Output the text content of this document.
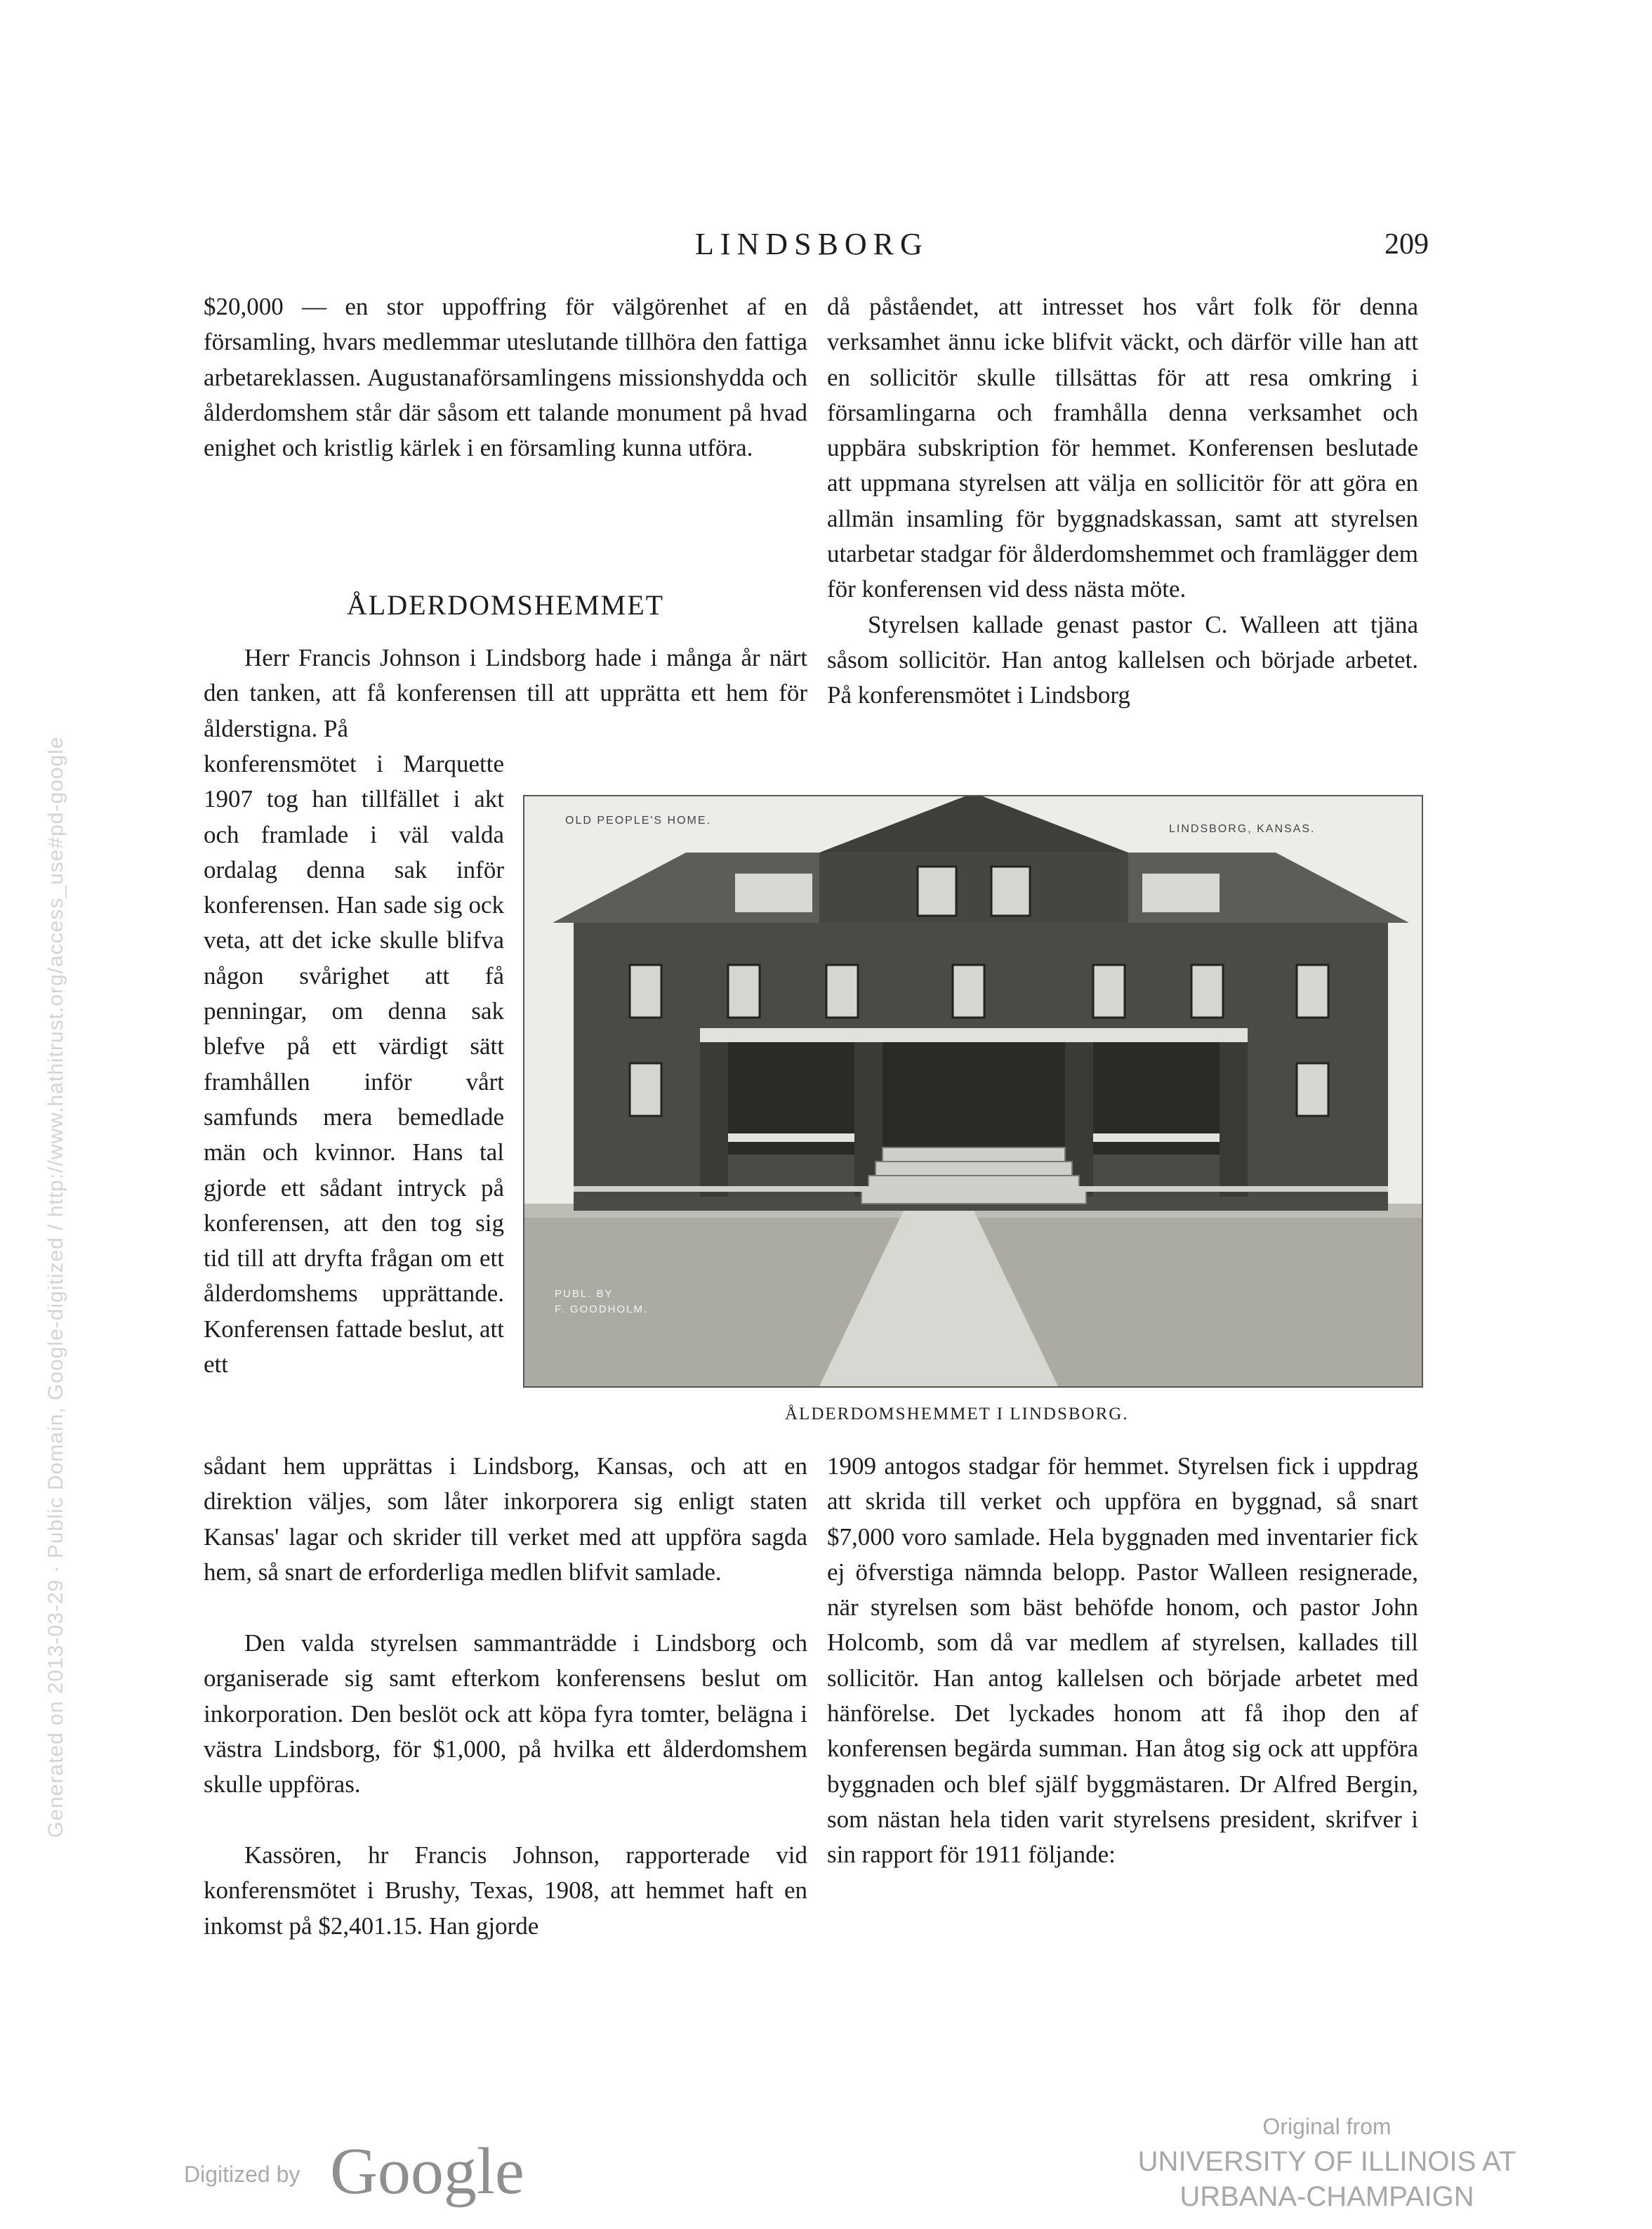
LINDSBORG	209

$20,000 — en stor uppoffring för välgörenhet af en församling, hvars medlemmar uteslutande tillhöra den fattiga arbetareklassen. Augustanaförsamlingens missionshydda och ålderdomshem står där såsom ett talande monument på hvad enighet och kristlig kärlek i en församling kunna utföra.

ÅLDERDOMSHEMMET

Herr Francis Johnson i Lindsborg hade i många år närt den tanken, att få konferensen till att upprätta ett hem för ålderstigna. På

konferensmötet i Marquette 1907 tog han tillfället i akt och framlade i väl valda ordalag denna sak inför konferensen. Han sade sig ock veta, att det icke skulle blifva någon svårighet att få penningar, om denna sak blefve på ett värdigt sätt framhållen inför vårt samfunds mera bemedlade män och kvinnor. Hans tal gjorde ett sådant intryck på konferensen, att den tog sig tid till att dryfta frågan om ett ålderdomshems upprättande. Konferensen fattade beslut, att ett

sådant hem upprättas i Lindsborg, Kansas, och att en direktion väljes, som låter inkorporera sig enligt staten Kansas' lagar och skrider till verket med att uppföra sagda hem, så snart de erforderliga medlen blifvit samlade.

Den valda styrelsen sammanträdde i Lindsborg och organiserade sig samt efterkom konferensens beslut om inkorporation. Den beslöt ock att köpa fyra tomter, belägna i västra Lindsborg, för $1,000, på hvilka ett ålderdomshem skulle uppföras.

Kassören, hr Francis Johnson, rapporterade vid konferensmötet i Brushy, Texas, 1908, att hemmet haft en inkomst på $2,401.15. Han gjorde

då påståendet, att intresset hos vårt folk för denna verksamhet ännu icke blifvit väckt, och därför ville han att en sollicitör skulle tillsättas för att resa omkring i församlingarna och framhålla denna verksamhet och uppbära subskription för hemmet. Konferensen beslutade att uppmana styrelsen att välja en sollicitör för att göra en allmän insamling för byggnadskassan, samt att styrelsen utarbetar stadgar för ålderdomshemmet och framlägger dem för konferensen vid dess nästa möte.

Styrelsen kallade genast pastor C. Walleen att tjäna såsom sollicitör. Han antog kallelsen och började arbetet. På konferensmötet i Lindsborg

OLD PEOPLE'S HOME.
LINDSBORG, KANSAS.
PUBL. BY
F. GOODHOLM.
ÅLDERDOMSHEMMET I LINDSBORG.

1909 antogos stadgar för hemmet. Styrelsen fick i uppdrag att skrida till verket och uppföra en byggnad, så snart $7,000 voro samlade. Hela byggnaden med inventarier fick ej öfverstiga nämnda belopp. Pastor Walleen resignerade, när styrelsen som bäst behöfde honom, och pastor John Holcomb, som då var medlem af styrelsen, kallades till sollicitör. Han antog kallelsen och började arbetet med hänförelse. Det lyckades honom att få ihop den af konferensen begärda summan. Han åtog sig ock att uppföra byggnaden och blef själf byggmästaren. Dr Alfred Bergin, som nästan hela tiden varit styrelsens president, skrifver i sin rapport för 1911 följande:

Digitized by Google
Original from
UNIVERSITY OF ILLINOIS AT
URBANA-CHAMPAIGN
Generated on 2013-03-29 · Public Domain, Google-digitized / http://www.hathitrust.org/access_use#pd-google
